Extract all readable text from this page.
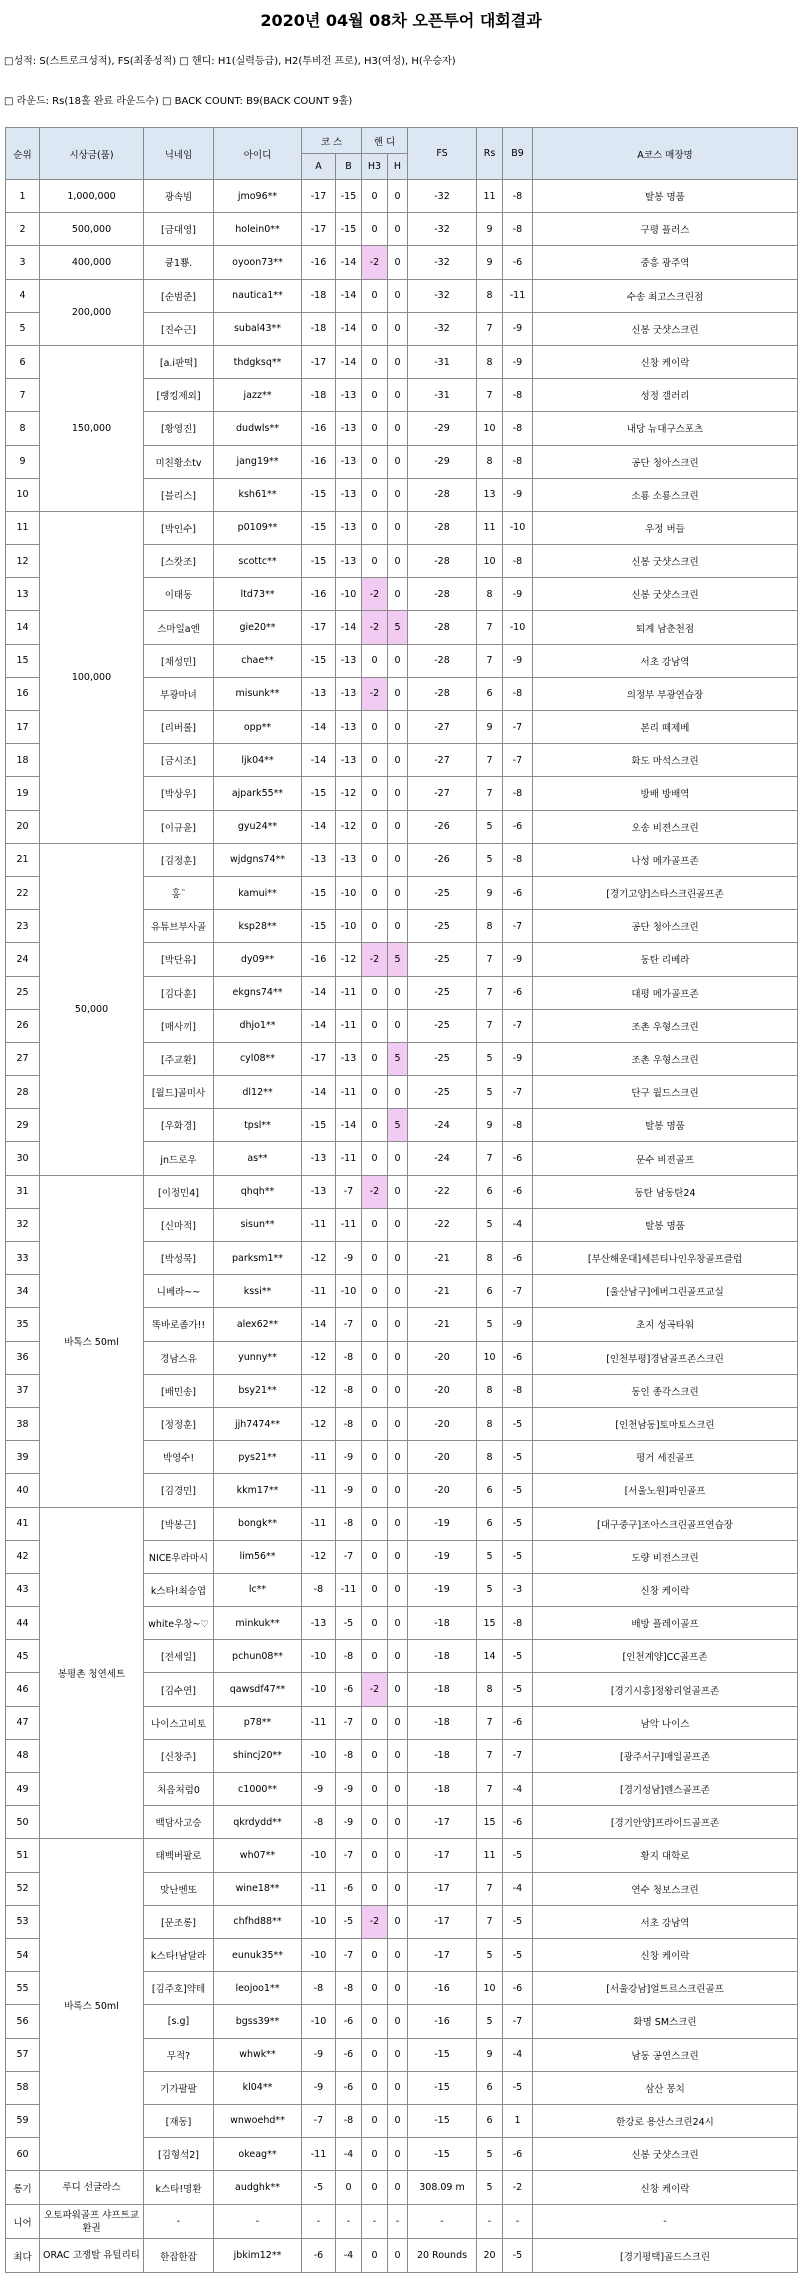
2020년 04월 08차 오픈투어 대회결과
□성적: S(스트로크성적), FS(최종성적) □ 핸디: H1(실력등급), H2(투비전 프로), H3(여성), H(우승자)
□ 라운드: Rs(18홀 완료 라운드수) □ BACK COUNT: B9(BACK COUNT 9홀)
순위	시상금(품)	닉네임	아이디	코 스		핸 디		FS	Rs	B9	A코스 매장명
				A	B	H3	H				
1	1,000,000	광속빔	jmo96**	-17	-15	0	0	-32	11	-8	탈봉 명품
2	500,000	[금대영]	holein0**	-17	-15	0	0	-32	9	-8	구평 플러스
3	400,000	큥1뿅.	oyoon73**	-16	-14	-2	0	-32	9	-6	중흥 광주역
4	200,000	[순범준]	nautica1**	-18	-14	0	0	-32	8	-11	수송 최고스크린점
5		[진수근]	subal43**	-18	-14	0	0	-32	7	-9	신봉 굿샷스크린
6	150,000	[a.i판떡]	thdgksq**	-17	-14	0	0	-31	8	-9	신창 케이락
7		[랭킹제외]	jazz**	-18	-13	0	0	-31	7	-8	성정 갤러리
8		[황영진]	dudwls**	-16	-13	0	0	-29	10	-8	내당 뉴대구스포츠
9		미친황소tv	jang19**	-16	-13	0	0	-29	8	-8	공단 청아스크린
10		[블리스]	ksh61**	-15	-13	0	0	-28	13	-9	소룡 소룡스크린
11	100,000	[박인수]	p0109**	-15	-13	0	0	-28	11	-10	우정 버들
12		[스캇조]	scottc**	-15	-13	0	0	-28	10	-8	신봉 굿샷스크린
13		이태동	ltd73**	-16	-10	-2	0	-28	8	-9	신봉 굿샷스크린
14		스마일a엔	gie20**	-17	-14	-2	5	-28	7	-10	퇴계 남춘천점
15		[채성민]	chae**	-15	-13	0	0	-28	7	-9	서초 강남역
16		부광마녀	misunk**	-13	-13	-2	0	-28	6	-8	의정부 부광연습장
17		[리버롤]	opp**	-14	-13	0	0	-27	9	-7	본리 떼제베
18		[금시조]	ljk04**	-14	-13	0	0	-27	7	-7	화도 마석스크린
19		[박상우]	ajpark55**	-15	-12	0	0	-27	7	-8	방배 방배역
20		[이규윤]	gyu24**	-14	-12	0	0	-26	5	-6	오송 비젼스크린
21	50,000	[김정훈]	wjdgns74**	-13	-13	0	0	-26	5	-8	나성 메가골프존
22		홍¨	kamui**	-15	-10	0	0	-25	9	-6	[경기고양]스타스크린골프존
23		유튜브부사골	ksp28**	-15	-10	0	0	-25	8	-7	공단 청아스크린
24		[박단유]	dy09**	-16	-12	-2	5	-25	7	-9	동탄 리베라
25		[김다훈]	ekgns74**	-14	-11	0	0	-25	7	-6	대평 메가골프존
26		[매사끼]	dhjo1**	-14	-11	0	0	-25	7	-7	조촌 우형스크린
27		[주교환]	cyl08**	-17	-13	0	5	-25	5	-9	조촌 우형스크린
28		[월드]골미사	dl12**	-14	-11	0	0	-25	5	-7	단구 월드스크린
29		[우화경]	tpsl**	-15	-14	0	5	-24	9	-8	탈봉 명품
30		jn드로우	as**	-13	-11	0	0	-24	7	-6	문수 비젼골프
31	바톡스 50ml	[이정민4]	qhqh**	-13	-7	-2	0	-22	6	-6	동탄 남동탄24
32		[신마적]	sisun**	-11	-11	0	0	-22	5	-4	탈봉 명품
33		[박성묵]	parksm1**	-12	-9	0	0	-21	8	-6	[부산해운대]세븐티나인우창골프클럽
34		니베라~~	kssi**	-11	-10	0	0	-21	6	-7	[울산남구]에버그린골프교실
35		똑바로좀가!!	alex62**	-14	-7	0	0	-21	5	-9	초지 성곡타워
36		경남스유	yunny**	-12	-8	0	0	-20	10	-6	[인천부평]경남골프존스크린
37		[배민송]	bsy21**	-12	-8	0	0	-20	8	-8	동인 종각스크린
38		[정정훈]	jjh7474**	-12	-8	0	0	-20	8	-5	[인천남동]토마토스크린
39		박영수!	pys21**	-11	-9	0	0	-20	8	-5	평거 세진골프
40		[김경민]	kkm17**	-11	-9	0	0	-20	6	-5	[서울노원]파인골프
41	봉평촌 청연세트	[박봉근]	bongk**	-11	-8	0	0	-19	6	-5	[대구중구]조아스크린골프연습장
42		NICE우라마시	lim56**	-12	-7	0	0	-19	5	-5	도량 비전스크린
43		k스타!최승엽	lc**	-8	-11	0	0	-19	5	-3	신창 케이락
44		white우창~♡	minkuk**	-13	-5	0	0	-18	15	-8	배방 플레이골프
45		[전세일]	pchun08**	-10	-8	0	0	-18	14	-5	[인천계양]CC골프존
46		[김수연]	qawsdf47**	-10	-6	-2	0	-18	8	-5	[경기시흥]정왕리얼골프존
47		나이스고비토	p78**	-11	-7	0	0	-18	7	-6	남악 나이스
48		[신창주]	shincj20**	-10	-8	0	0	-18	7	-7	[광주서구]매일골프존
49		처음처럼0	c1000**	-9	-9	0	0	-18	7	-4	[경기성남]렌스골프존
50		백담사고승	qkrdydd**	-8	-9	0	0	-17	15	-6	[경기안양]프라이드골프존
51	바록스 50ml	태백버팔로	wh07**	-10	-7	0	0	-17	11	-5	황지 대학로
52		맛난벤또	wine18**	-11	-6	0	0	-17	7	-4	연수 청보스크린
53		[문조롱]	chfhd88**	-10	-5	-2	0	-17	7	-5	서초 강남역
54		k스타!남달라	eunuk35**	-10	-7	0	0	-17	5	-5	신창 케이락
55		[김주호]약테	leojoo1**	-8	-8	0	0	-16	10	-6	[서울강남]얼트르스크린골프
56		[s.g]	bgss39**	-10	-6	0	0	-16	5	-7	화명 SM스크린
57		무적?	whwk**	-9	-6	0	0	-15	9	-4	남동 공연스크린
58		기가팔팔	kl04**	-9	-6	0	0	-15	6	-5	삼산 몽치
59		[재동]	wnwoehd**	-7	-8	0	0	-15	6	1	한강로 용산스크린24시
60		[김형석2]	okeag**	-11	-4	0	0	-15	5	-6	신봉 굿샷스크린
롱기	루디 선글라스	k스타!명환	audghk**	-5	0	0	0	308.09 m	5	-2	신창 케이락
니어	오토파워골프 샤프트교환권	-	-	-	-	-	-	-	-	-	-
최다	ORAC 고쟁탈 유틸리티	한잡한잡	jbkim12**	-6	-4	0	0	20 Rounds	20	-5	[경기평택]골드스크린
